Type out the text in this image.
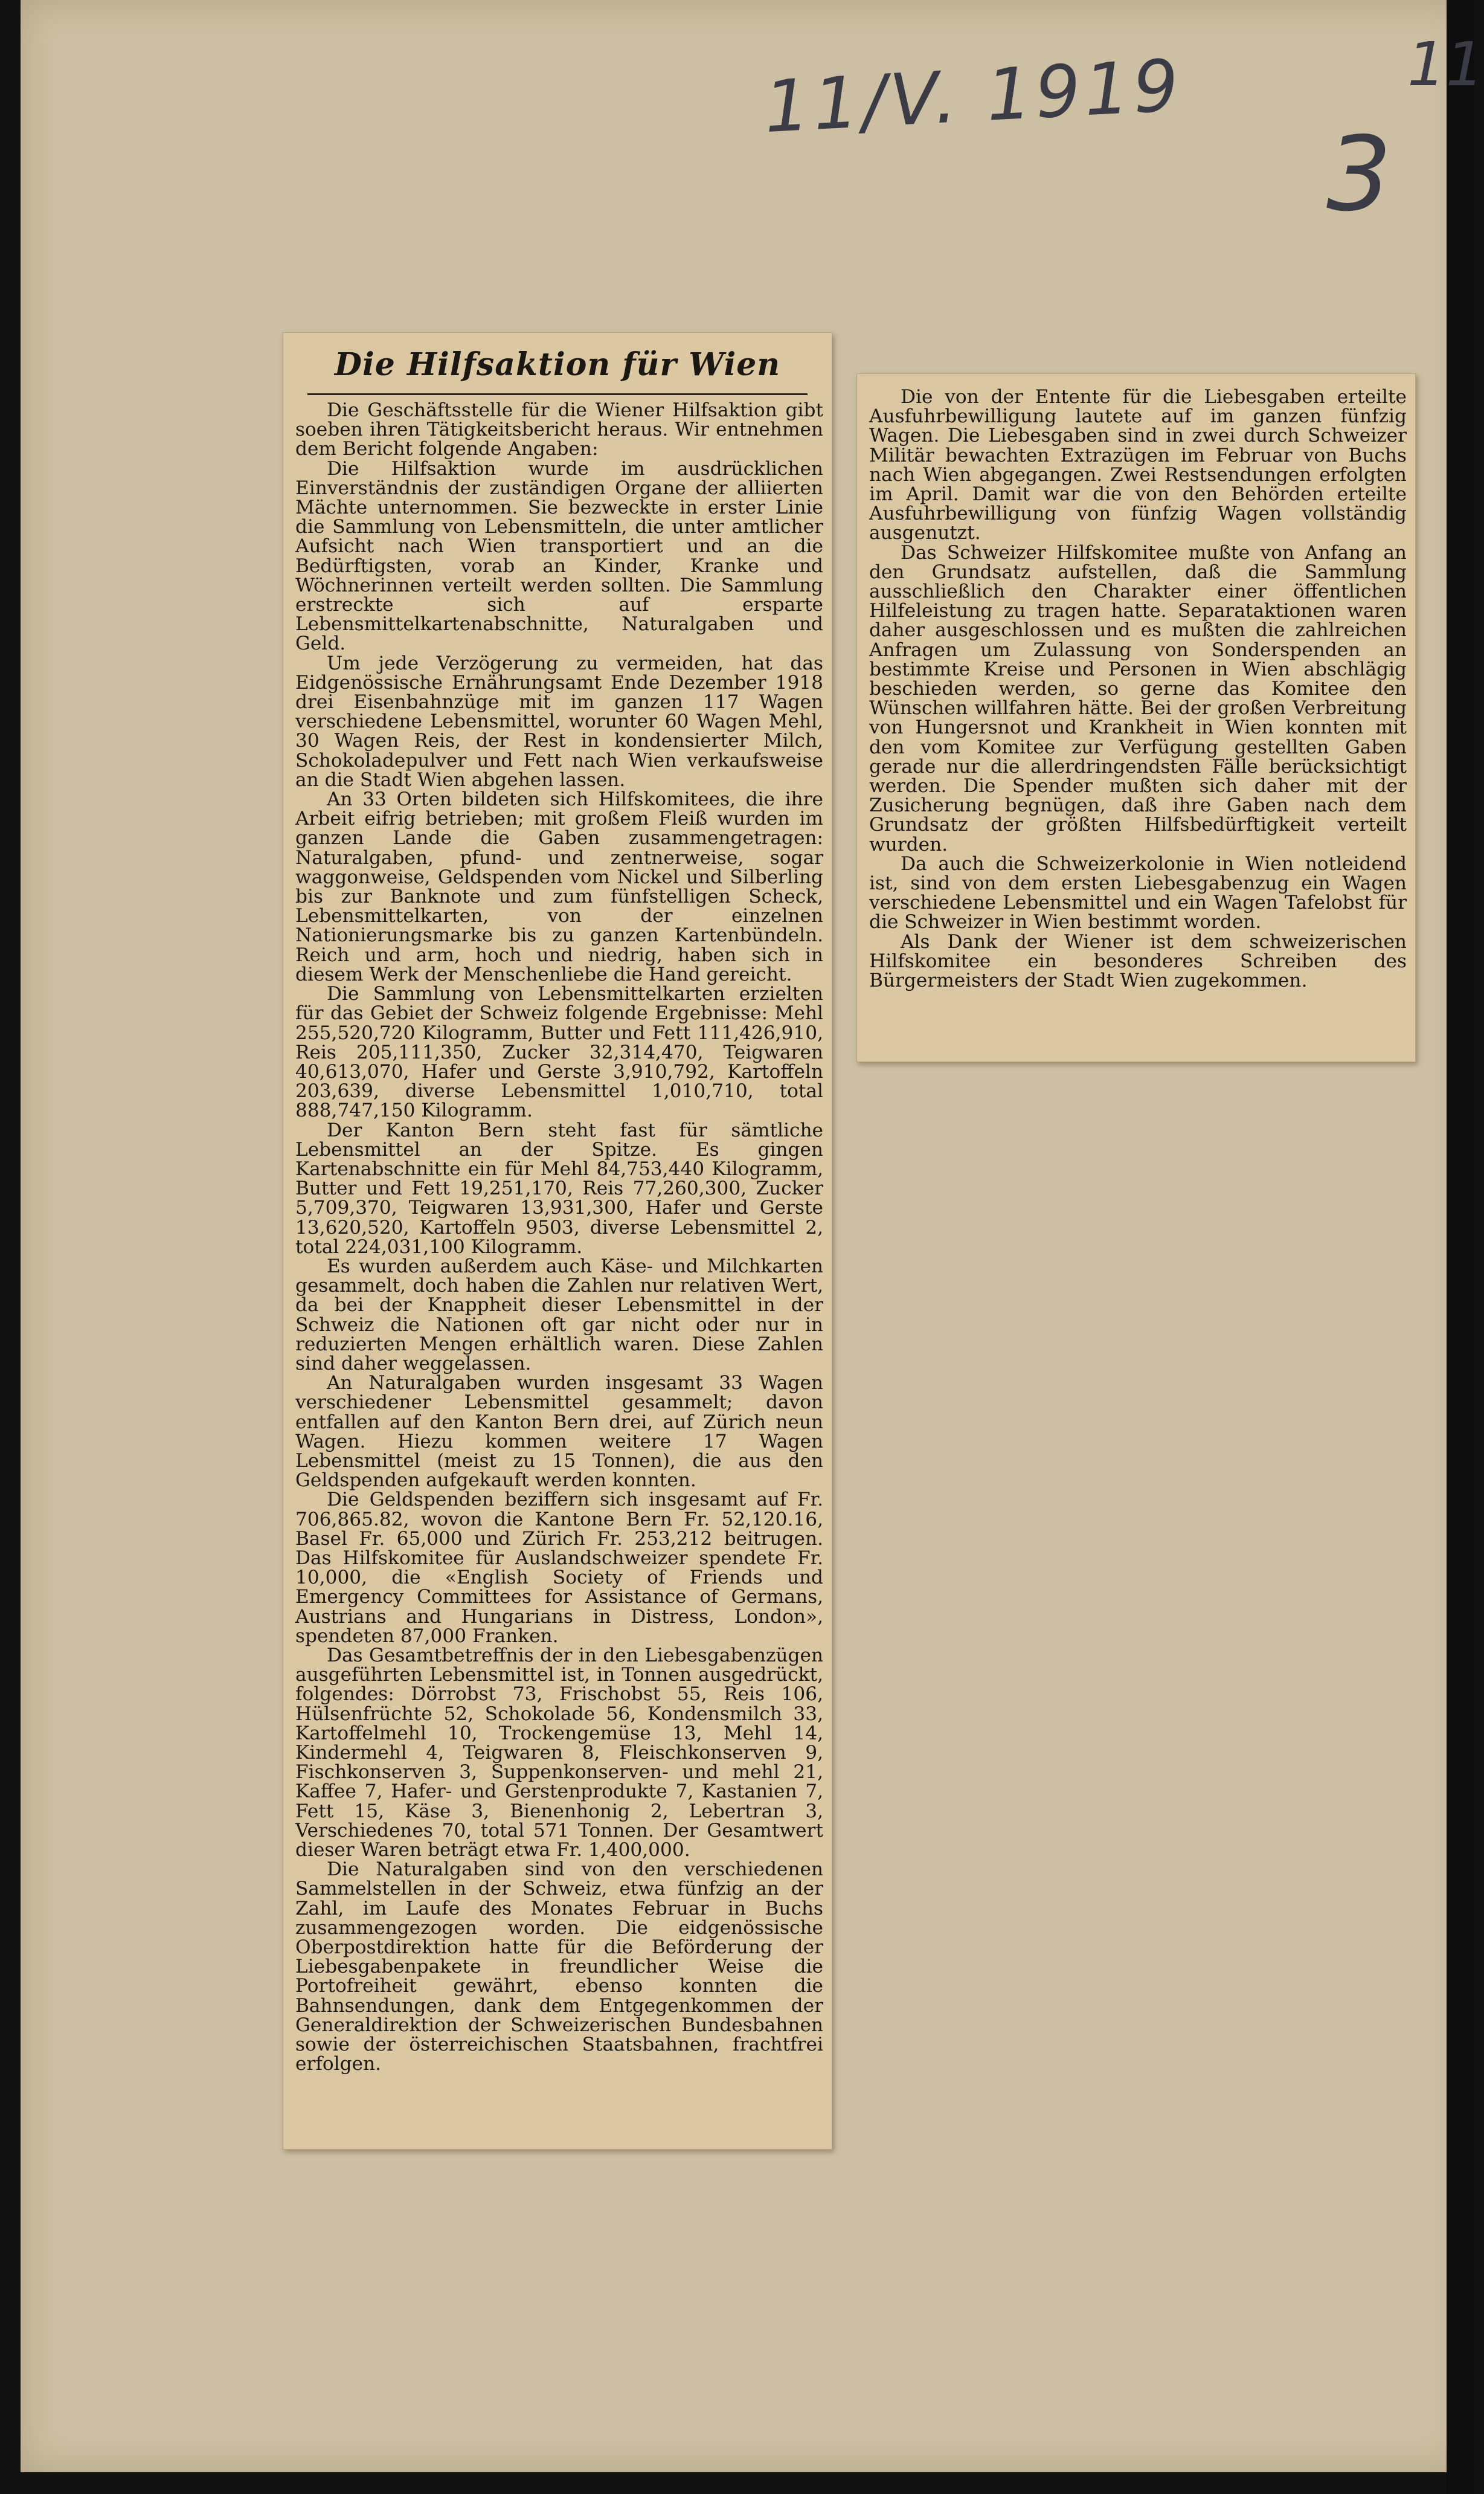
11/V. 1919	11
3
Die Hilfsaktion für Wien

Die Geschäftsstelle für die Wiener Hilfsaktion gibt soeben ihren Tätigkeitsbericht heraus. Wir entnehmen dem Bericht folgende Angaben:

Die Hilfsaktion wurde im ausdrücklichen Einverständnis der zuständigen Organe der alliierten Mächte unternommen. Sie bezweckte in erster Linie die Sammlung von Lebensmitteln, die unter amtlicher Aufsicht nach Wien transportiert und an die Bedürftigsten, vorab an Kinder, Kranke und Wöchnerinnen verteilt werden sollten. Die Sammlung erstreckte sich auf ersparte Lebensmittelkartenabschnitte, Naturalgaben und Geld.

Um jede Verzögerung zu vermeiden, hat das Eidgenössische Ernährungsamt Ende Dezember 1918 drei Eisenbahnzüge mit im ganzen 117 Wagen verschiedene Lebensmittel, worunter 60 Wagen Mehl, 30 Wagen Reis, der Rest in kondensierter Milch, Schokoladepulver und Fett nach Wien verkaufsweise an die Stadt Wien abgehen lassen.

An 33 Orten bildeten sich Hilfskomitees, die ihre Arbeit eifrig betrieben; mit großem Fleiß wurden im ganzen Lande die Gaben zusammengetragen: Naturalgaben, pfund- und zentnerweise, sogar waggonweise, Geldspenden vom Nickel und Silberling bis zur Banknote und zum fünfstelligen Scheck, Lebensmittelkarten, von der einzelnen Nationierungsmarke bis zu ganzen Kartenbündeln. Reich und arm, hoch und niedrig, haben sich in diesem Werk der Menschenliebe die Hand gereicht.

Die Sammlung von Lebensmittelkarten erzielten für das Gebiet der Schweiz folgende Ergebnisse: Mehl 255,520,720 Kilogramm, Butter und Fett 111,426,910, Reis 205,111,350, Zucker 32,314,470, Teigwaren 40,613,070, Hafer und Gerste 3,910,792, Kartoffeln 203,639, diverse Lebensmittel 1,010,710, total 888,747,150 Kilogramm.

Der Kanton Bern steht fast für sämtliche Lebensmittel an der Spitze. Es gingen Kartenabschnitte ein für Mehl 84,753,440 Kilogramm, Butter und Fett 19,251,170, Reis 77,260,300, Zucker 5,709,370, Teigwaren 13,931,300, Hafer und Gerste 13,620,520, Kartoffeln 9503, diverse Lebensmittel 2, total 224,031,100 Kilogramm.

Es wurden außerdem auch Käse- und Milchkarten gesammelt, doch haben die Zahlen nur relativen Wert, da bei der Knappheit dieser Lebensmittel in der Schweiz die Nationen oft gar nicht oder nur in reduzierten Mengen erhältlich waren. Diese Zahlen sind daher weggelassen.

An Naturalgaben wurden insgesamt 33 Wagen verschiedener Lebensmittel gesammelt; davon entfallen auf den Kanton Bern drei, auf Zürich neun Wagen. Hiezu kommen weitere 17 Wagen Lebensmittel (meist zu 15 Tonnen), die aus den Geldspenden aufgekauft werden konnten.

Die Geldspenden beziffern sich insgesamt auf Fr. 706,865.82, wovon die Kantone Bern Fr. 52,120.16, Basel Fr. 65,000 und Zürich Fr. 253,212 beitrugen. Das Hilfskomitee für Auslandschweizer spendete Fr. 10,000, die «English Society of Friends und Emergency Committees for Assistance of Germans, Austrians and Hungarians in Distress, London», spendeten 87,000 Franken.

Das Gesamtbetreffnis der in den Liebesgabenzügen ausgeführten Lebensmittel ist, in Tonnen ausgedrückt, folgendes: Dörrobst 73, Frischobst 55, Reis 106, Hülsenfrüchte 52, Schokolade 56, Kondensmilch 33, Kartoffelmehl 10, Trockengemüse 13, Mehl 14, Kindermehl 4, Teigwaren 8, Fleischkonserven 9, Fischkonserven 3, Suppenkonserven- und mehl 21, Kaffee 7, Hafer- und Gerstenprodukte 7, Kastanien 7, Fett 15, Käse 3, Bienenhonig 2, Lebertran 3, Verschiedenes 70, total 571 Tonnen. Der Gesamtwert dieser Waren beträgt etwa Fr. 1,400,000.

Die Naturalgaben sind von den verschiedenen Sammelstellen in der Schweiz, etwa fünfzig an der Zahl, im Laufe des Monates Februar in Buchs zusammengezogen worden. Die eidgenössische Oberpostdirektion hatte für die Beförderung der Liebesgabenpakete in freundlicher Weise die Portofreiheit gewährt, ebenso konnten die Bahnsendungen, dank dem Entgegenkommen der Generaldirektion der Schweizerischen Bundesbahnen sowie der österreichischen Staatsbahnen, frachtfrei erfolgen.

Die von der Entente für die Liebesgaben erteilte Ausfuhrbewilligung lautete auf im ganzen fünfzig Wagen. Die Liebesgaben sind in zwei durch Schweizer Militär bewachten Extrazügen im Februar von Buchs nach Wien abgegangen. Zwei Restsendungen erfolgten im April. Damit war die von den Behörden erteilte Ausfuhrbewilligung von fünfzig Wagen vollständig ausgenutzt.

Das Schweizer Hilfskomitee mußte von Anfang an den Grundsatz aufstellen, daß die Sammlung ausschließlich den Charakter einer öffentlichen Hilfeleistung zu tragen hatte. Separataktionen waren daher ausgeschlossen und es mußten die zahlreichen Anfragen um Zulassung von Sonderspenden an bestimmte Kreise und Personen in Wien abschlägig beschieden werden, so gerne das Komitee den Wünschen willfahren hätte. Bei der großen Verbreitung von Hungersnot und Krankheit in Wien konnten mit den vom Komitee zur Verfügung gestellten Gaben gerade nur die allerdringendsten Fälle berücksichtigt werden. Die Spender mußten sich daher mit der Zusicherung begnügen, daß ihre Gaben nach dem Grundsatz der größten Hilfsbedürftigkeit verteilt wurden.

Da auch die Schweizerkolonie in Wien notleidend ist, sind von dem ersten Liebesgabenzug ein Wagen verschiedene Lebensmittel und ein Wagen Tafelobst für die Schweizer in Wien bestimmt worden.

Als Dank der Wiener ist dem schweizerischen Hilfskomitee ein besonderes Schreiben des Bürgermeisters der Stadt Wien zugekommen.
